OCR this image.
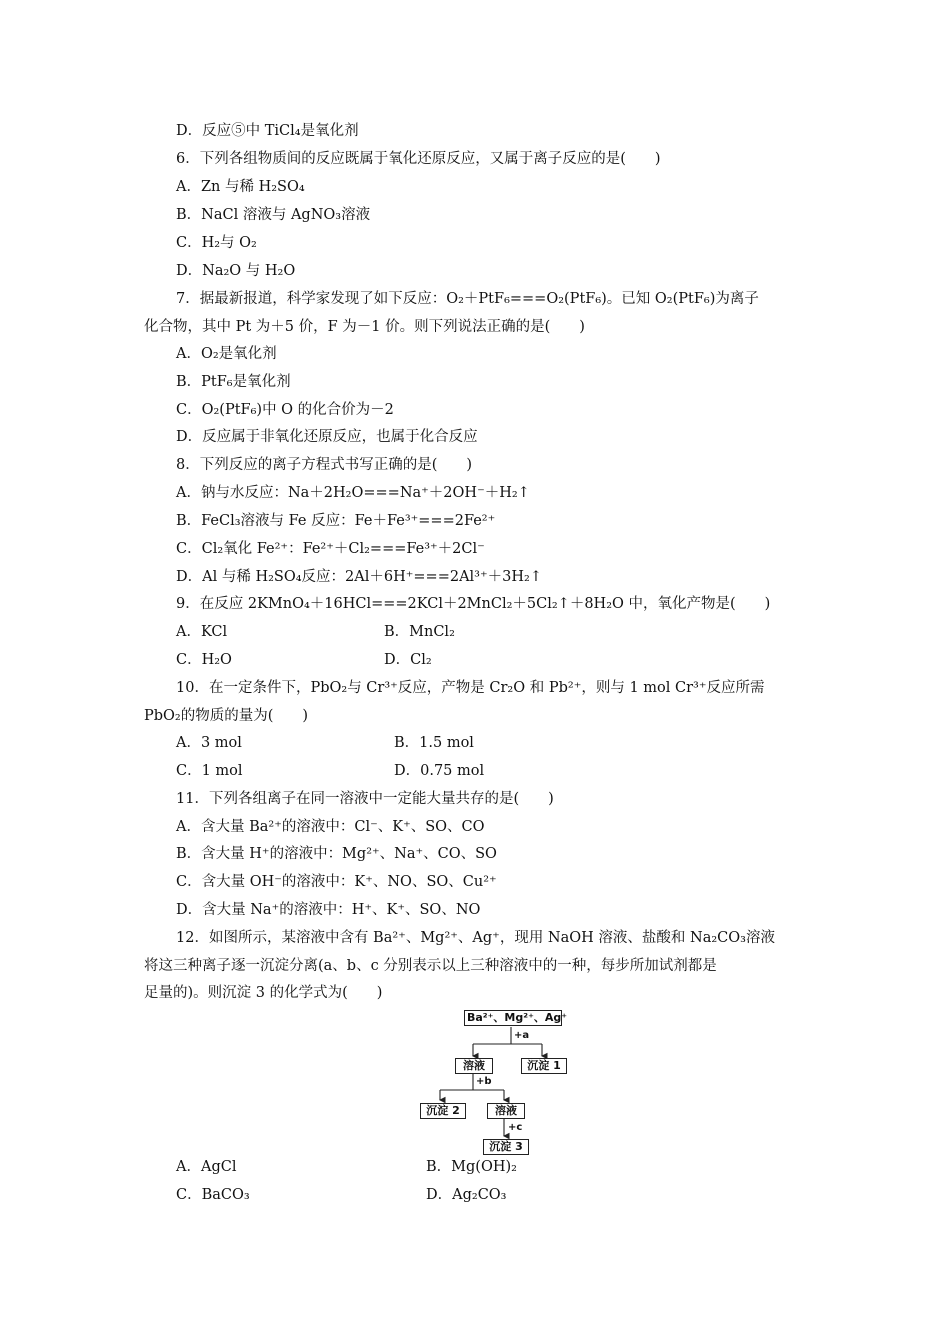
D．反应⑤中 TiCl₄是氧化剂
6．下列各组物质间的反应既属于氧化还原反应，又属于离子反应的是(　　)
A．Zn 与稀 H₂SO₄
B．NaCl 溶液与 AgNO₃溶液
C．H₂与 O₂
D．Na₂O 与 H₂O
7．据最新报道，科学家发现了如下反应：O₂＋PtF₆===O₂(PtF₆)。已知 O₂(PtF₆)为离子
化合物，其中 Pt 为＋5 价，F 为－1 价。则下列说法正确的是(　　)
A．O₂是氧化剂
B．PtF₆是氧化剂
C．O₂(PtF₆)中 O 的化合价为－2
D．反应属于非氧化还原反应，也属于化合反应
8．下列反应的离子方程式书写正确的是(　　)
A．钠与水反应：Na＋2H₂O===Na⁺＋2OH⁻＋H₂↑
B．FeCl₃溶液与 Fe 反应：Fe＋Fe³⁺===2Fe²⁺
C．Cl₂氧化 Fe²⁺：Fe²⁺＋Cl₂===Fe³⁺＋2Cl⁻
D．Al 与稀 H₂SO₄反应：2Al＋6H⁺===2Al³⁺＋3H₂↑
9．在反应 2KMnO₄＋16HCl===2KCl＋2MnCl₂＋5Cl₂↑＋8H₂O 中，氧化产物是(　　)
A．KCl	B．MnCl₂
C．H₂O	D．Cl₂
10．在一定条件下，PbO₂与 Cr³⁺反应，产物是 Cr₂O 和 Pb²⁺，则与 1 mol Cr³⁺反应所需
PbO₂的物质的量为(　　)
A．3 mol	B．1.5 mol
C．1 mol	D．0.75 mol
11．下列各组离子在同一溶液中一定能大量共存的是(　　)
A．含大量 Ba²⁺的溶液中：Cl⁻、K⁺、SO、CO
B．含大量 H⁺的溶液中：Mg²⁺、Na⁺、CO、SO
C．含大量 OH⁻的溶液中：K⁺、NO、SO、Cu²⁺
D．含大量 Na⁺的溶液中：H⁺、K⁺、SO、NO
12．如图所示，某溶液中含有 Ba²⁺、Mg²⁺、Ag⁺，现用 NaOH 溶液、盐酸和 Na₂CO₃溶液
将这三种离子逐一沉淀分离(a、b、c 分别表示以上三种溶液中的一种，每步所加试剂都是
足量的)。则沉淀 3 的化学式为(　　)
Ba²⁺、Mg²⁺、Ag⁺
+a
溶液	沉淀 1
+b
沉淀 2	溶液
+c
沉淀 3
A．AgCl	B．Mg(OH)₂
C．BaCO₃	D．Ag₂CO₃
